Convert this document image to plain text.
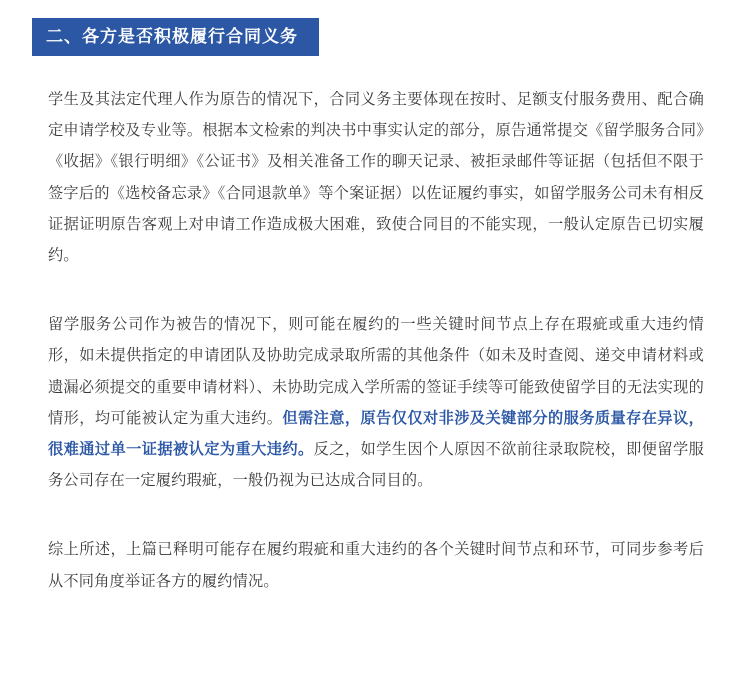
二、各方是否积极履行合同义务

学生及其法定代理人作为原告的情况下，合同义务主要体现在按时、足额支付服务费用、配合确定申请学校及专业等。根据本文检索的判决书中事实认定的部分，原告通常提交《留学服务合同》《收据》《银行明细》《公证书》及相关准备工作的聊天记录、被拒录邮件等证据（包括但不限于签字后的《选校备忘录》《合同退款单》等个案证据）以佐证履约事实，如留学服务公司未有相反证据证明原告客观上对申请工作造成极大困难，致使合同目的不能实现，一般认定原告已切实履约。

留学服务公司作为被告的情况下，则可能在履约的一些关键时间节点上存在瑕疵或重大违约情形，如未提供指定的申请团队及协助完成录取所需的其他条件（如未及时查阅、递交申请材料或遗漏必须提交的重要申请材料）、未协助完成入学所需的签证手续等可能致使留学目的无法实现的情形，均可能被认定为重大违约。但需注意，原告仅仅对非涉及关键部分的服务质量存在异议，很难通过单一证据被认定为重大违约。反之，如学生因个人原因不欲前往录取院校，即便留学服务公司存在一定履约瑕疵，一般仍视为已达成合同目的。

综上所述，上篇已释明可能存在履约瑕疵和重大违约的各个关键时间节点和环节，可同步参考后从不同角度举证各方的履约情况。
